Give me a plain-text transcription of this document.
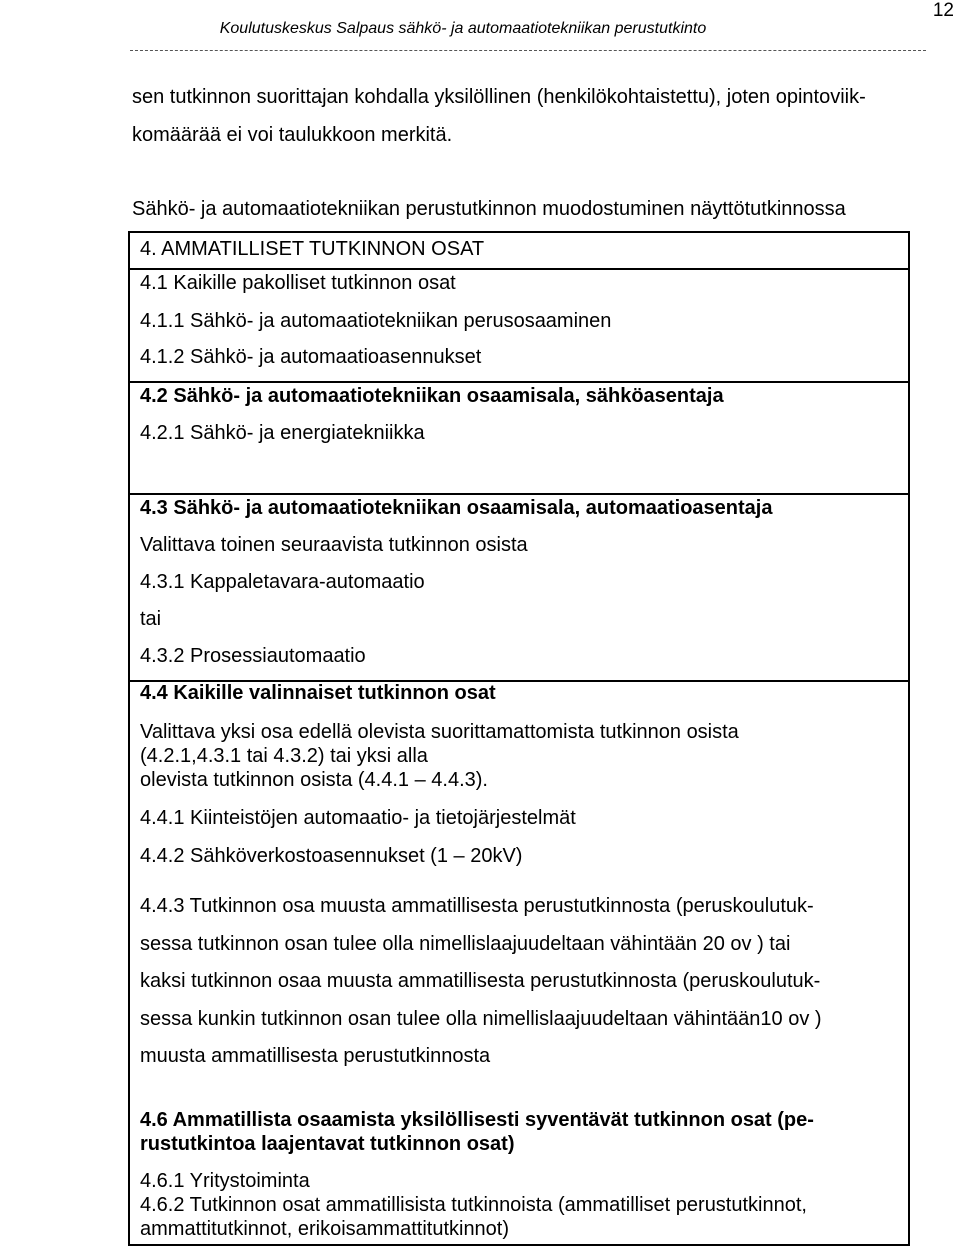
12
Koulutuskeskus Salpaus sähkö- ja automaatiotekniikan perustutkinto
sen tutkinnon suorittajan kohdalla yksilöllinen (henkilökohtaistettu), joten opintoviik-
komäärää ei voi taulukkoon merkitä.
Sähkö- ja automaatiotekniikan perustutkinnon muodostuminen näyttötutkinnossa
4. AMMATILLISET TUTKINNON OSAT
4.1 Kaikille pakolliset tutkinnon osat
4.1.1 Sähkö- ja automaatiotekniikan perusosaaminen
4.1.2 Sähkö- ja automaatioasennukset
4.2 Sähkö- ja automaatiotekniikan osaamisala, sähköasentaja
4.2.1 Sähkö- ja energiatekniikka
4.3 Sähkö- ja automaatiotekniikan osaamisala, automaatioasentaja
Valittava toinen seuraavista tutkinnon osista
4.3.1 Kappaletavara-automaatio
tai
4.3.2 Prosessiautomaatio
4.4 Kaikille valinnaiset tutkinnon osat
Valittava yksi osa edellä olevista suorittamattomista tutkinnon osista
(4.2.1,4.3.1 tai 4.3.2) tai yksi alla
olevista tutkinnon osista (4.4.1 – 4.4.3).
4.4.1 Kiinteistöjen automaatio- ja tietojärjestelmät
4.4.2 Sähköverkostoasennukset (1 – 20kV)
4.4.3 Tutkinnon osa muusta ammatillisesta perustutkinnosta (peruskoulutuk-
sessa tutkinnon osan tulee olla nimellislaajuudeltaan vähintään 20 ov ) tai
kaksi tutkinnon osaa muusta ammatillisesta perustutkinnosta (peruskoulutuk-
sessa kunkin tutkinnon osan tulee olla nimellislaajuudeltaan vähintään10 ov )
muusta ammatillisesta perustutkinnosta
4.6 Ammatillista osaamista yksilöllisesti syventävät tutkinnon osat (pe-
rustutkintoa laajentavat tutkinnon osat)
4.6.1 Yritystoiminta
4.6.2 Tutkinnon osat ammatillisista tutkinnoista (ammatilliset perustutkinnot,
ammattitutkinnot, erikoisammattitutkinnot)
